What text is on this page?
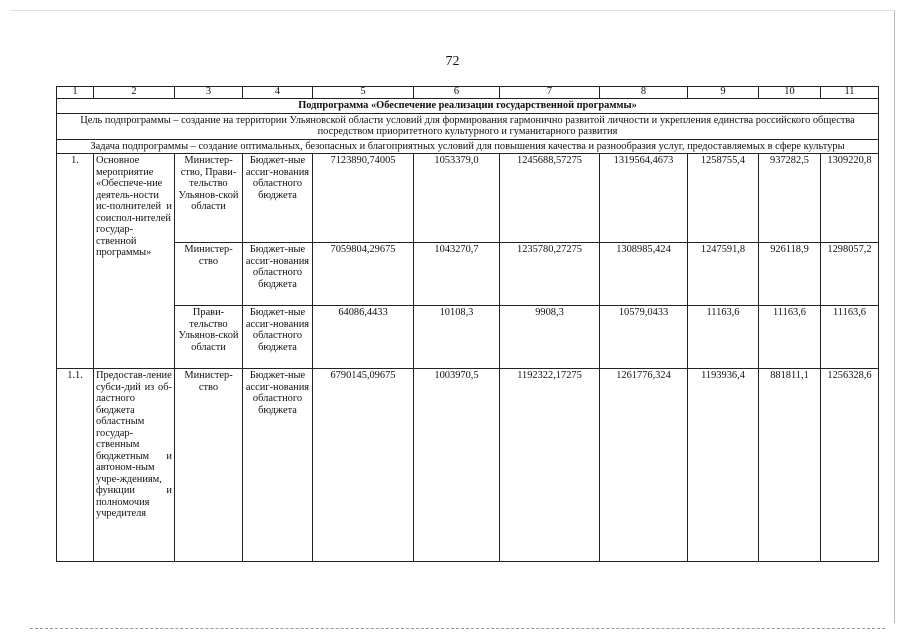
72
1	2	3	4	5	6	7	8	9	10	11
Подпрограмма «Обеспечение реализации государственной программы»										
Цель подпрограммы – создание на территории Ульяновской области условий для формирования гармонично развитой личности и укрепления единства российского общества посредством приоритетного культурного и гуманитарного развития										
Задача подпрограммы – создание оптимальных, безопасных и благоприятных условий для повышения качества и разнообразия услуг, предоставляемых в сфере культуры										
1.	Основное мероприятие «Обеспече-ние деятель-ности ис-полнителей и соиспол-нителей государ-ственной программы»	Министер-ство, Прави-тельство Ульянов-ской области	Бюджет-ные ассиг-нования областного бюджета	7123890,74005	1053379,0	1245688,57275	1319564,4673	1258755,4	937282,5	1309220,8
		Министер-ство	Бюджет-ные ассиг-нования областного бюджета	7059804,29675	1043270,7	1235780,27275	1308985,424	1247591,8	926118,9	1298057,2
		Прави-тельство Ульянов-ской области	Бюджет-ные ассиг-нования областного бюджета	64086,4433	10108,3	9908,3	10579,0433	11163,6	11163,6	11163,6
1.1.	Предостав-ление субси-дий из об-ластного бюджета областным государ-ственным бюджетным и автоном-ным учре-ждениям, функции и полномочия учредителя	Министер-ство	Бюджет-ные ассиг-нования областного бюджета	6790145,09675	1003970,5	1192322,17275	1261776,324	1193936,4	881811,1	1256328,6
